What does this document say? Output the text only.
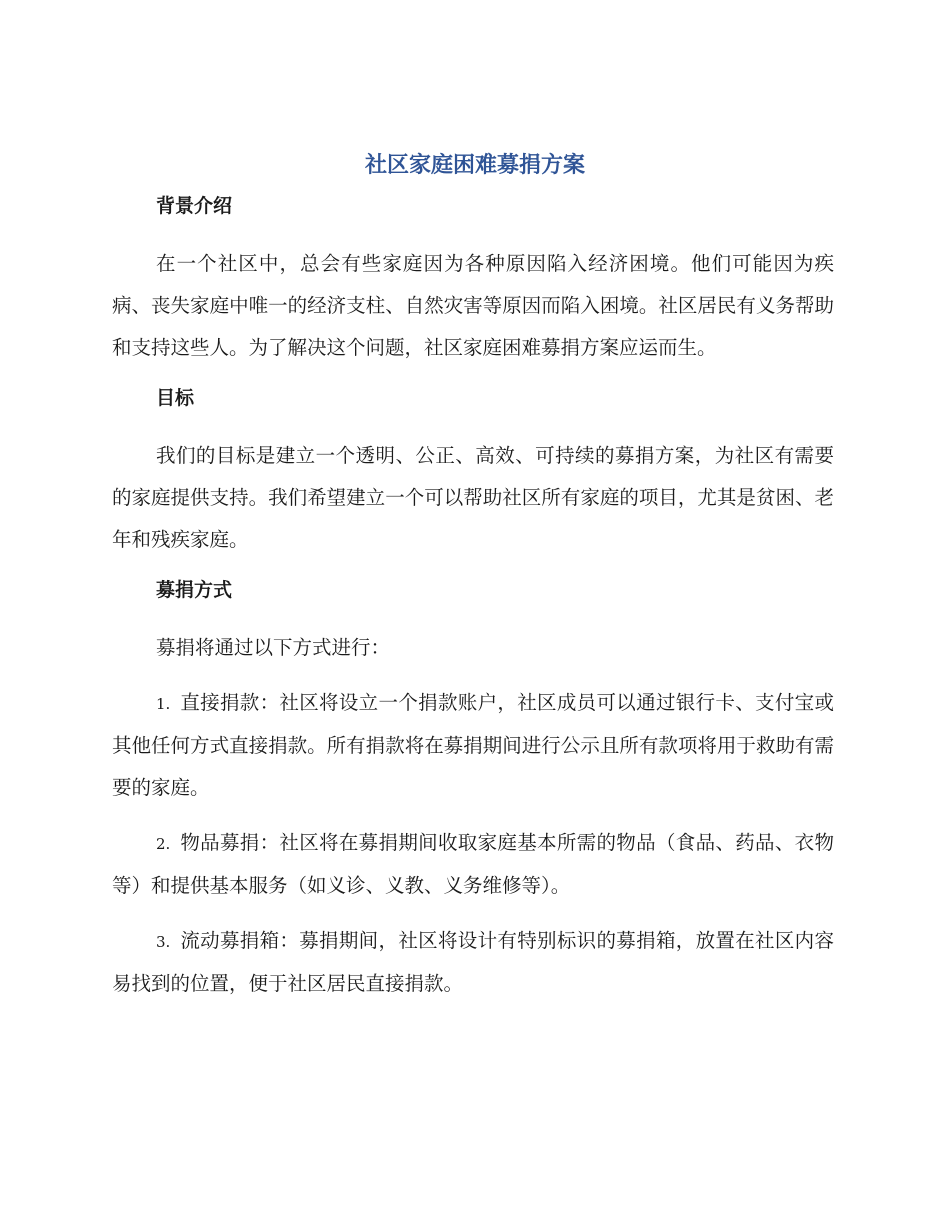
社区家庭困难募捐方案
背景介绍

在一个社区中，总会有些家庭因为各种原因陷入经济困境。他们可能因为疾病、丧失家庭中唯一的经济支柱、自然灾害等原因而陷入困境。社区居民有义务帮助和支持这些人。为了解决这个问题，社区家庭困难募捐方案应运而生。

目标

我们的目标是建立一个透明、公正、高效、可持续的募捐方案，为社区有需要的家庭提供支持。我们希望建立一个可以帮助社区所有家庭的项目，尤其是贫困、老年和残疾家庭。

募捐方式

募捐将通过以下方式进行：

1. 直接捐款：社区将设立一个捐款账户，社区成员可以通过银行卡、支付宝或其他任何方式直接捐款。所有捐款将在募捐期间进行公示且所有款项将用于救助有需要的家庭。
2. 物品募捐：社区将在募捐期间收取家庭基本所需的物品（食品、药品、衣物等）和提供基本服务（如义诊、义教、义务维修等）。
3. 流动募捐箱：募捐期间，社区将设计有特别标识的募捐箱，放置在社区内容易找到的位置，便于社区居民直接捐款。
